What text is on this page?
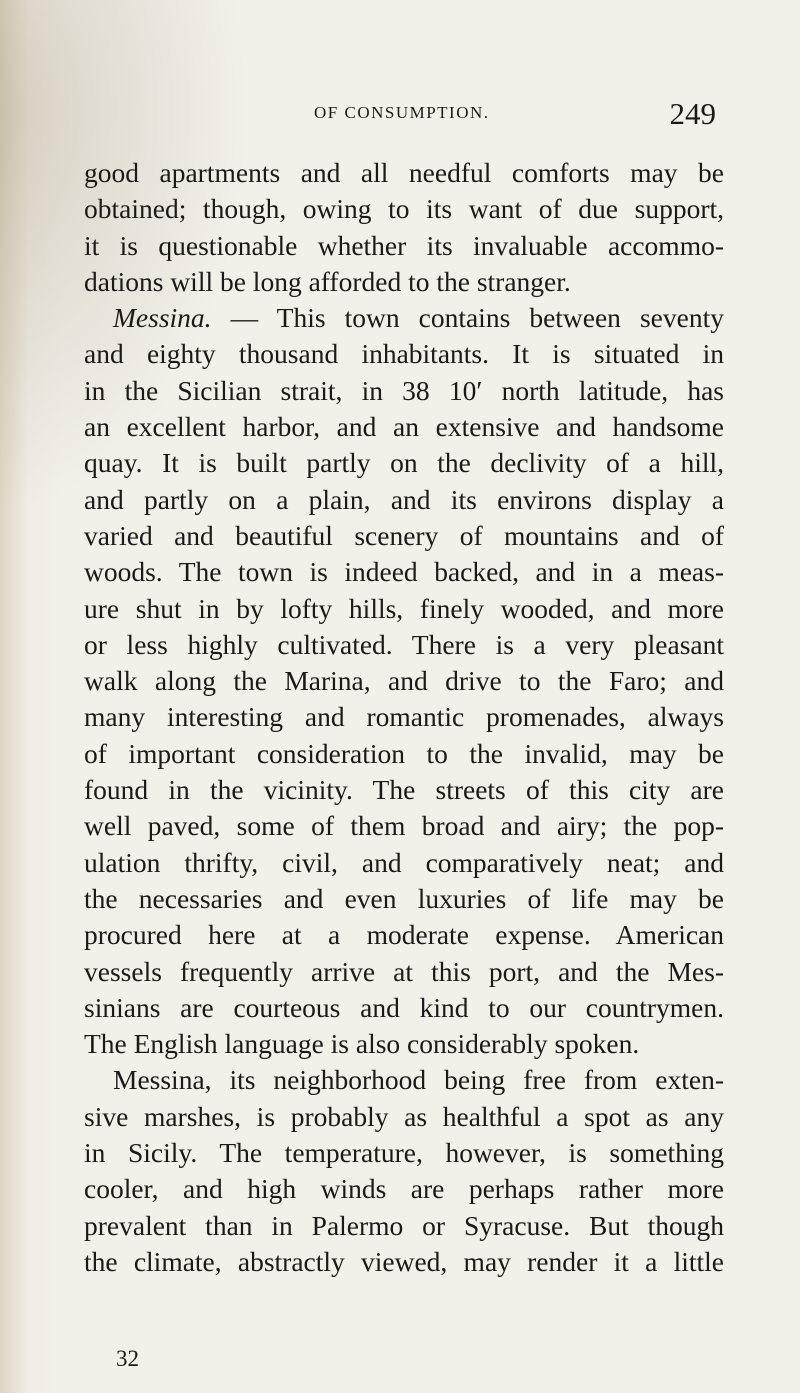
OF CONSUMPTION.	249
good apartments and all needful comforts may be
obtained; though, owing to its want of due support,
it is questionable whether its invaluable accommo-
dations will be long afforded to the stranger.
Messina. — This town contains between seventy
and eighty thousand inhabitants. It is situated in
in the Sicilian strait, in 38 10′ north latitude, has
an excellent harbor, and an extensive and handsome
quay. It is built partly on the declivity of a hill,
and partly on a plain, and its environs display a
varied and beautiful scenery of mountains and of
woods. The town is indeed backed, and in a meas-
ure shut in by lofty hills, finely wooded, and more
or less highly cultivated. There is a very pleasant
walk along the Marina, and drive to the Faro; and
many interesting and romantic promenades, always
of important consideration to the invalid, may be
found in the vicinity. The streets of this city are
well paved, some of them broad and airy; the pop-
ulation thrifty, civil, and comparatively neat; and
the necessaries and even luxuries of life may be
procured here at a moderate expense. American
vessels frequently arrive at this port, and the Mes-
sinians are courteous and kind to our countrymen.
The English language is also considerably spoken.
Messina, its neighborhood being free from exten-
sive marshes, is probably as healthful a spot as any
in Sicily. The temperature, however, is something
cooler, and high winds are perhaps rather more
prevalent than in Palermo or Syracuse. But though
the climate, abstractly viewed, may render it a little
32
